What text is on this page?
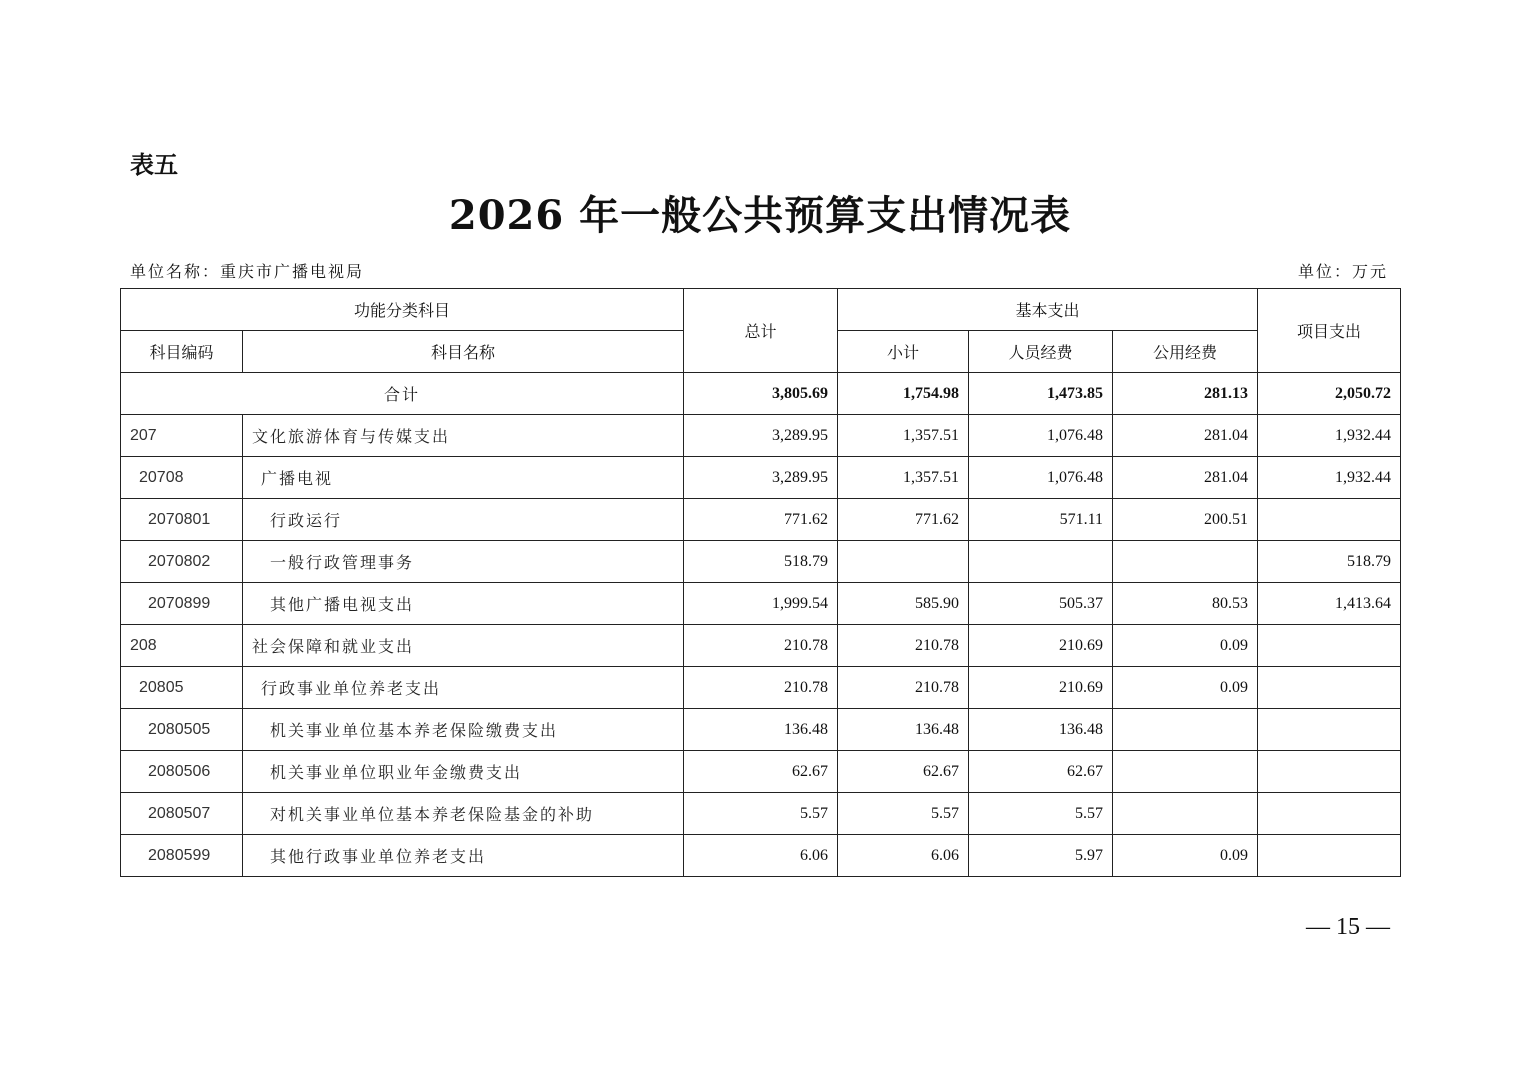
表五
2026 年一般公共预算支出情况表
单位名称：重庆市广播电视局	单位：万元
功能分类科目		总计	基本支出			项目支出
科目编码	科目名称		小计	人员经费	公用经费	
合计		3,805.69	1,754.98	1,473.85	281.13	2,050.72
207	文化旅游体育与传媒支出	3,289.95	1,357.51	1,076.48	281.04	1,932.44
20708	广播电视	3,289.95	1,357.51	1,076.48	281.04	1,932.44
2070801	行政运行	771.62	771.62	571.11	200.51	
2070802	一般行政管理事务	518.79				518.79
2070899	其他广播电视支出	1,999.54	585.90	505.37	80.53	1,413.64
208	社会保障和就业支出	210.78	210.78	210.69	0.09	
20805	行政事业单位养老支出	210.78	210.78	210.69	0.09	
2080505	机关事业单位基本养老保险缴费支出	136.48	136.48	136.48		
2080506	机关事业单位职业年金缴费支出	62.67	62.67	62.67		
2080507	对机关事业单位基本养老保险基金的补助	5.57	5.57	5.57		
2080599	其他行政事业单位养老支出	6.06	6.06	5.97	0.09	
— 15 —
